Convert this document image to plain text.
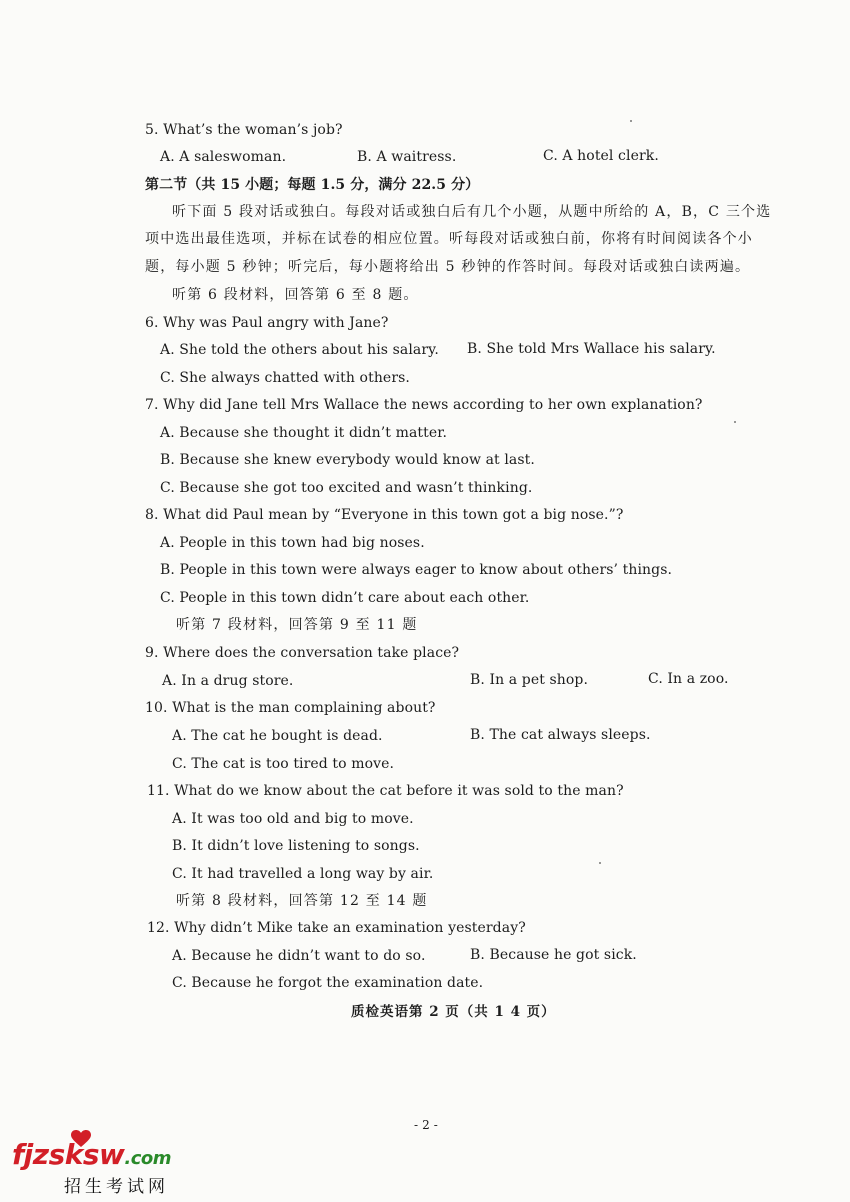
5. What’s the woman’s job?
A. A saleswoman.	B. A waitress.	C. A hotel clerk.
第二节（共 15 小题；每题 1.5 分，满分 22.5 分）
听下面 5 段对话或独白。每段对话或独白后有几个小题，从题中所给的 A，B，C 三个选
项中选出最佳选项，并标在试卷的相应位置。听每段对话或独白前，你将有时间阅读各个小
题，每小题 5 秒钟；听完后，每小题将给出 5 秒钟的作答时间。每段对话或独白读两遍。
听第 6 段材料，回答第 6 至 8 题。
6. Why was Paul angry with Jane?
A. She told the others about his salary. B. She told Mrs Wallace his salary.
C. She always chatted with others.
7. Why did Jane tell Mrs Wallace the news according to her own explanation?
A. Because she thought it didn’t matter.
B. Because she knew everybody would know at last.
C. Because she got too excited and wasn’t thinking.
8. What did Paul mean by “Everyone in this town got a big nose.”?
A. People in this town had big noses.
B. People in this town were always eager to know about others’ things.
C. People in this town didn’t care about each other.
听第 7 段材料，回答第 9 至 11 题
9. Where does the conversation take place?
A. In a drug store.	B. In a pet shop.	C. In a zoo.
10. What is the man complaining about?
A. The cat he bought is dead.	B. The cat always sleeps.
C. The cat is too tired to move.
11. What do we know about the cat before it was sold to the man?
A. It was too old and big to move.
B. It didn’t love listening to songs.
C. It had travelled a long way by air.
听第 8 段材料，回答第 12 至 14 题
12. Why didn’t Mike take an examination yesterday?
A. Because he didn’t want to do so.	B. Because he got sick.
C. Because he forgot the examination date.
质检英语第 2 页（共 1 4 页）
- 2 -
fjzsksw.com
招生考试网
